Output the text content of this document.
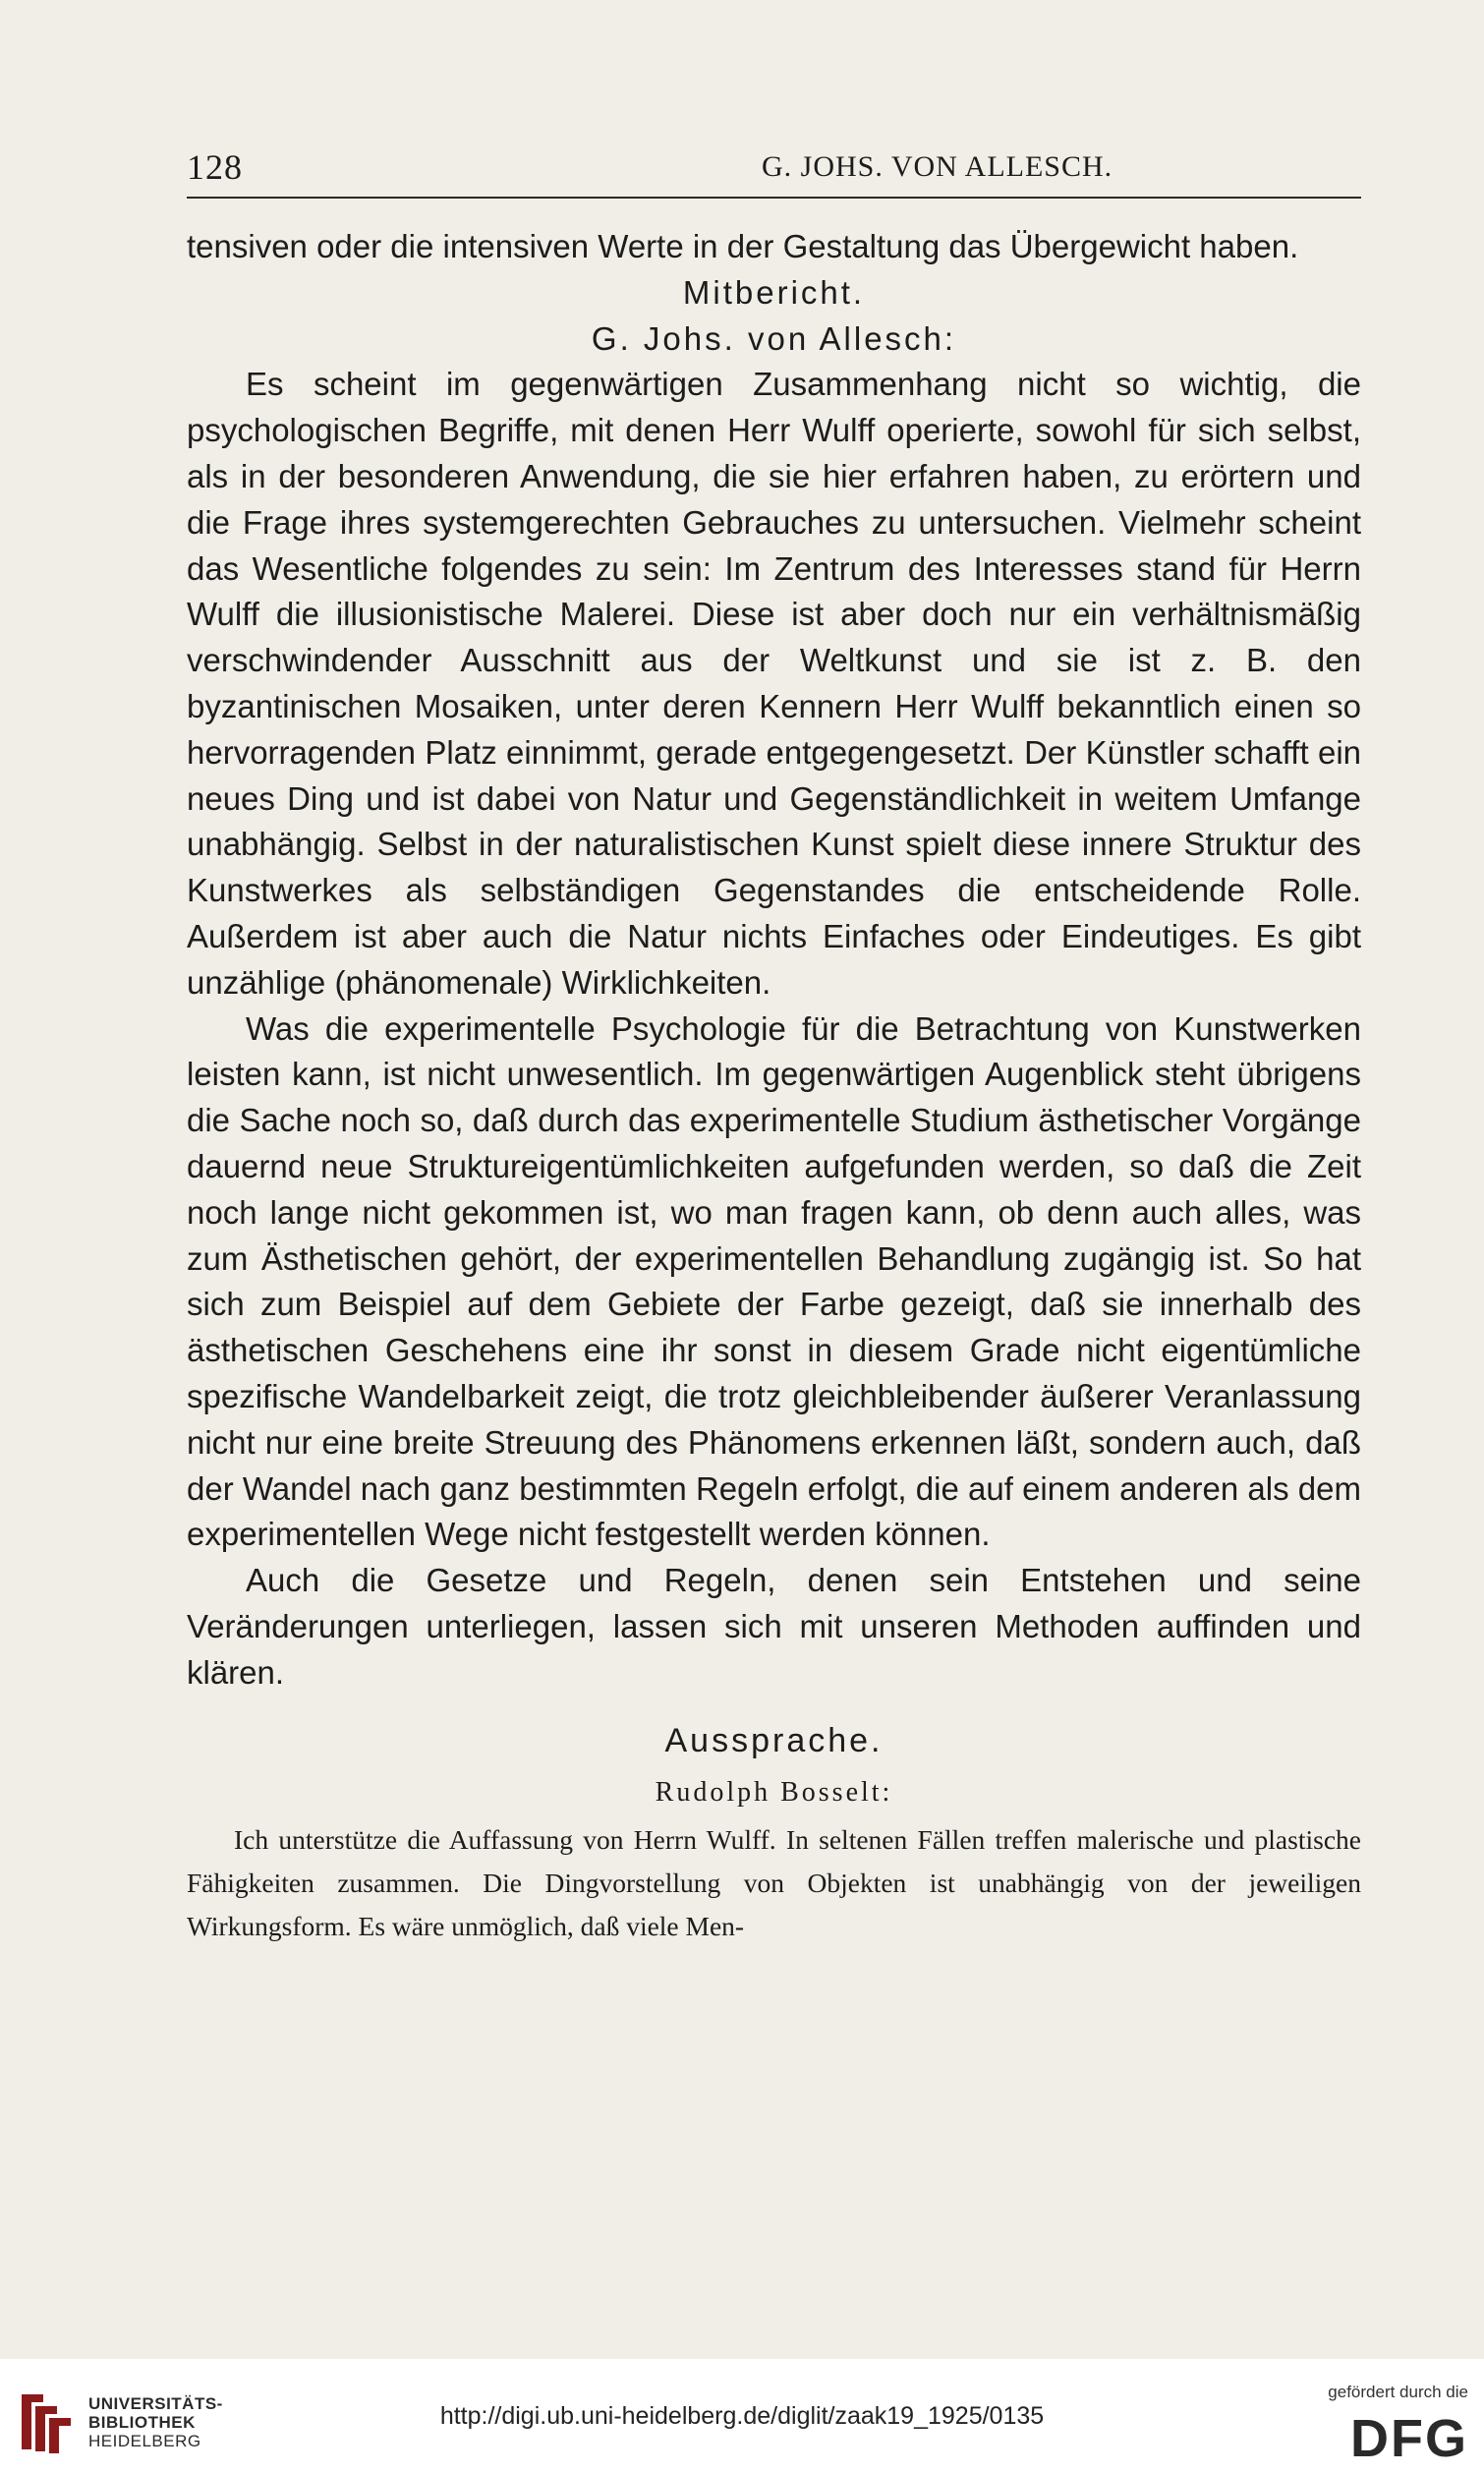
128	G. JOHS. VON ALLESCH.

tensiven oder die intensiven Werte in der Gestaltung das Übergewicht haben.

Mitbericht.

G. Johs. von Allesch:

Es scheint im gegenwärtigen Zusammenhang nicht so wichtig, die psychologischen Begriffe, mit denen Herr Wulff operierte, sowohl für sich selbst, als in der besonderen Anwendung, die sie hier erfahren haben, zu erörtern und die Frage ihres systemgerechten Gebrauches zu untersuchen. Vielmehr scheint das Wesentliche folgendes zu sein: Im Zentrum des Interesses stand für Herrn Wulff die illusionistische Malerei. Diese ist aber doch nur ein verhältnismäßig verschwindender Ausschnitt aus der Weltkunst und sie ist z. B. den byzantinischen Mosaiken, unter deren Kennern Herr Wulff bekanntlich einen so hervorragenden Platz einnimmt, gerade entgegengesetzt. Der Künstler schafft ein neues Ding und ist dabei von Natur und Gegenständlichkeit in weitem Umfange unabhängig. Selbst in der naturalistischen Kunst spielt diese innere Struktur des Kunstwerkes als selbständigen Gegenstandes die entscheidende Rolle. Außerdem ist aber auch die Natur nichts Einfaches oder Eindeutiges. Es gibt unzählige (phänomenale) Wirklichkeiten.

Was die experimentelle Psychologie für die Betrachtung von Kunstwerken leisten kann, ist nicht unwesentlich. Im gegenwärtigen Augenblick steht übrigens die Sache noch so, daß durch das experimentelle Studium ästhetischer Vorgänge dauernd neue Struktureigentümlichkeiten aufgefunden werden, so daß die Zeit noch lange nicht gekommen ist, wo man fragen kann, ob denn auch alles, was zum Ästhetischen gehört, der experimentellen Behandlung zugängig ist. So hat sich zum Beispiel auf dem Gebiete der Farbe gezeigt, daß sie innerhalb des ästhetischen Geschehens eine ihr sonst in diesem Grade nicht eigentümliche spezifische Wandelbarkeit zeigt, die trotz gleichbleibender äußerer Veranlassung nicht nur eine breite Streuung des Phänomens erkennen läßt, sondern auch, daß der Wandel nach ganz bestimmten Regeln erfolgt, die auf einem anderen als dem experimentellen Wege nicht festgestellt werden können.

Auch die Gesetze und Regeln, denen sein Entstehen und seine Veränderungen unterliegen, lassen sich mit unseren Methoden auffinden und klären.

Aussprache.

Rudolph Bosselt:

Ich unterstütze die Auffassung von Herrn Wulff. In seltenen Fällen treffen malerische und plastische Fähigkeiten zusammen. Die Dingvorstellung von Objekten ist unabhängig von der jeweiligen Wirkungsform. Es wäre unmöglich, daß viele Men-

UNIVERSITÄTS-
BIBLIOTHEK
HEIDELBERG
http://digi.ub.uni-heidelberg.de/diglit/zaak19_1925/0135
gefördert durch die
DFG
